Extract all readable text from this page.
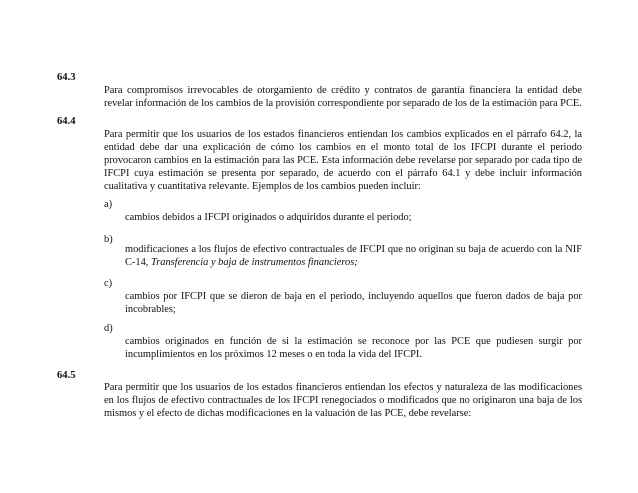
64.3
Para compromisos irrevocables de otorgamiento de crédito y contratos de garantía financiera la entidad debe revelar información de los cambios de la provisión correspondiente por separado de los de la estimación para PCE.
64.4
Para permitir que los usuarios de los estados financieros entiendan los cambios explicados en el párrafo 64.2, la entidad debe dar una explicación de cómo los cambios en el monto total de los IFCPI durante el periodo provocaron cambios en la estimación para las PCE. Esta información debe revelarse por separado por cada tipo de IFCPI cuya estimación se presenta por separado, de acuerdo con el párrafo 64.1 y debe incluir información cualitativa y cuantitativa relevante. Ejemplos de los cambios pueden incluir:
a)
cambios debidos a IFCPI originados o adquiridos durante el periodo;
b)
modificaciones a los flujos de efectivo contractuales de IFCPI que no originan su baja de acuerdo con la NIF C-14, Transferencia y baja de instrumentos financieros;
c)
cambios por IFCPI que se dieron de baja en el periodo, incluyendo aquellos que fueron dados de baja por incobrables;
d)
cambios originados en función de si la estimación se reconoce por las PCE que pudiesen surgir por incumplimientos en los próximos 12 meses o en toda la vida del IFCPI.
64.5
Para permitir que los usuarios de los estados financieros entiendan los efectos y naturaleza de las modificaciones en los flujos de efectivo contractuales de los IFCPI renegociados o modificados que no originaron una baja de los mismos y el efecto de dichas modificaciones en la valuación de las PCE, debe revelarse:
